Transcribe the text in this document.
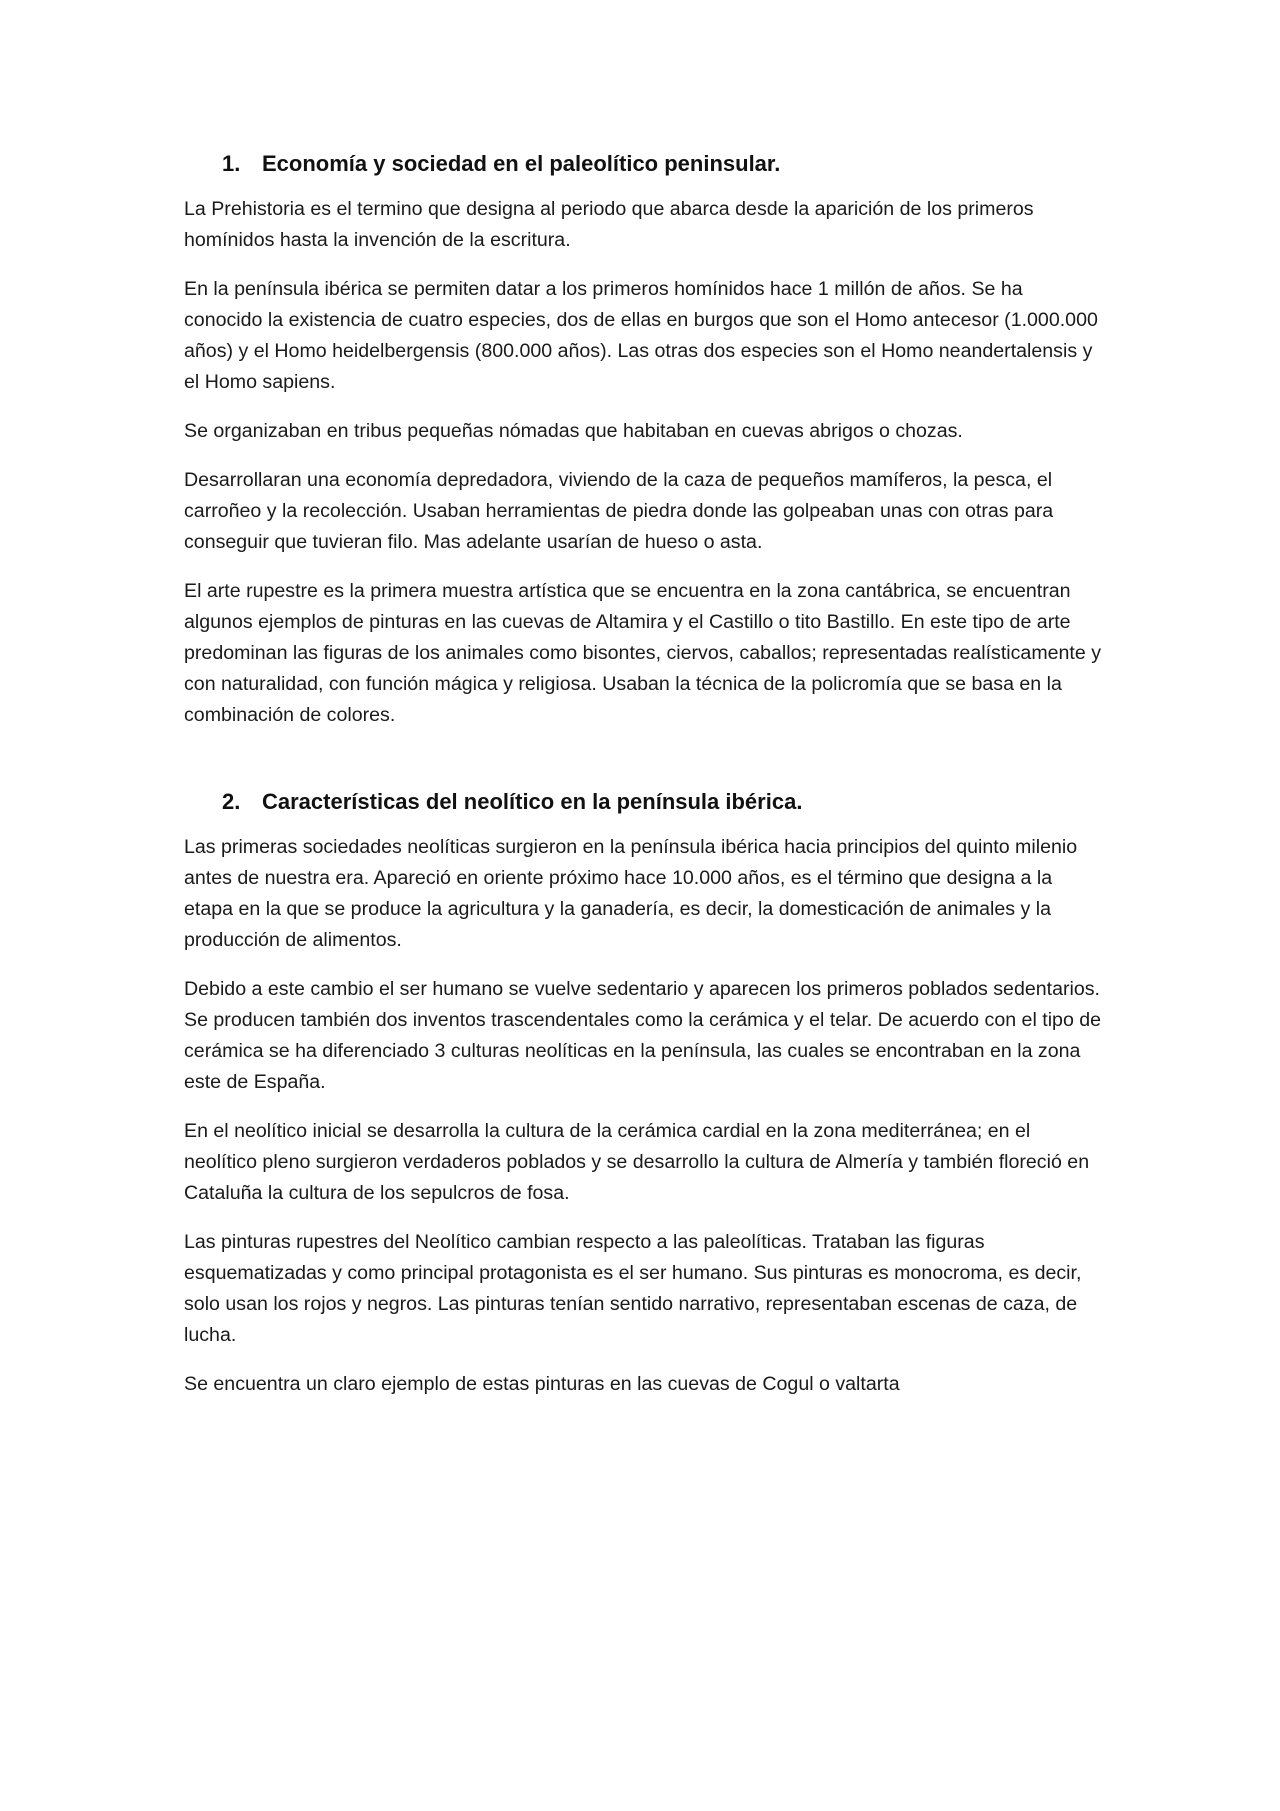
1. Economía y sociedad en el paleolítico peninsular.

La Prehistoria es el termino que designa al periodo que abarca desde la aparición de los primeros homínidos hasta la invención de la escritura.

En la península ibérica se permiten datar a los primeros homínidos hace 1 millón de años. Se ha conocido la existencia de cuatro especies, dos de ellas en burgos que son el Homo antecesor (1.000.000 años) y el Homo heidelbergensis (800.000 años). Las otras dos especies son el Homo neandertalensis y el Homo sapiens.

Se organizaban en tribus pequeñas nómadas que habitaban en cuevas abrigos o chozas.

Desarrollaran una economía depredadora, viviendo de la caza de pequeños mamíferos, la pesca, el carroñeo y la recolección. Usaban herramientas de piedra donde las golpeaban unas con otras para conseguir que tuvieran filo. Mas adelante usarían de hueso o asta.

El arte rupestre es la primera muestra artística que se encuentra en la zona cantábrica, se encuentran algunos ejemplos de pinturas en las cuevas de Altamira y el Castillo o tito Bastillo. En este tipo de arte predominan las figuras de los animales como bisontes, ciervos, caballos; representadas realísticamente y con naturalidad, con función mágica y religiosa. Usaban la técnica de la policromía que se basa en la combinación de colores.

2. Características del neolítico en la península ibérica.

Las primeras sociedades neolíticas surgieron en la península ibérica hacia principios del quinto milenio antes de nuestra era. Apareció en oriente próximo hace 10.000 años, es el término que designa a la etapa en la que se produce la agricultura y la ganadería, es decir, la domesticación de animales y la producción de alimentos.

Debido a este cambio el ser humano se vuelve sedentario y aparecen los primeros poblados sedentarios. Se producen también dos inventos trascendentales como la cerámica y el telar. De acuerdo con el tipo de cerámica se ha diferenciado 3 culturas neolíticas en la península, las cuales se encontraban en la zona este de España.

En el neolítico inicial se desarrolla la cultura de la cerámica cardial en la zona mediterránea; en el neolítico pleno surgieron verdaderos poblados y se desarrollo la cultura de Almería y también floreció en Cataluña la cultura de los sepulcros de fosa.

Las pinturas rupestres del Neolítico cambian respecto a las paleolíticas. Trataban las figuras esquematizadas y como principal protagonista es el ser humano. Sus pinturas es monocroma, es decir, solo usan los rojos y negros. Las pinturas tenían sentido narrativo, representaban escenas de caza, de lucha.

Se encuentra un claro ejemplo de estas pinturas en las cuevas de Cogul o valtarta
